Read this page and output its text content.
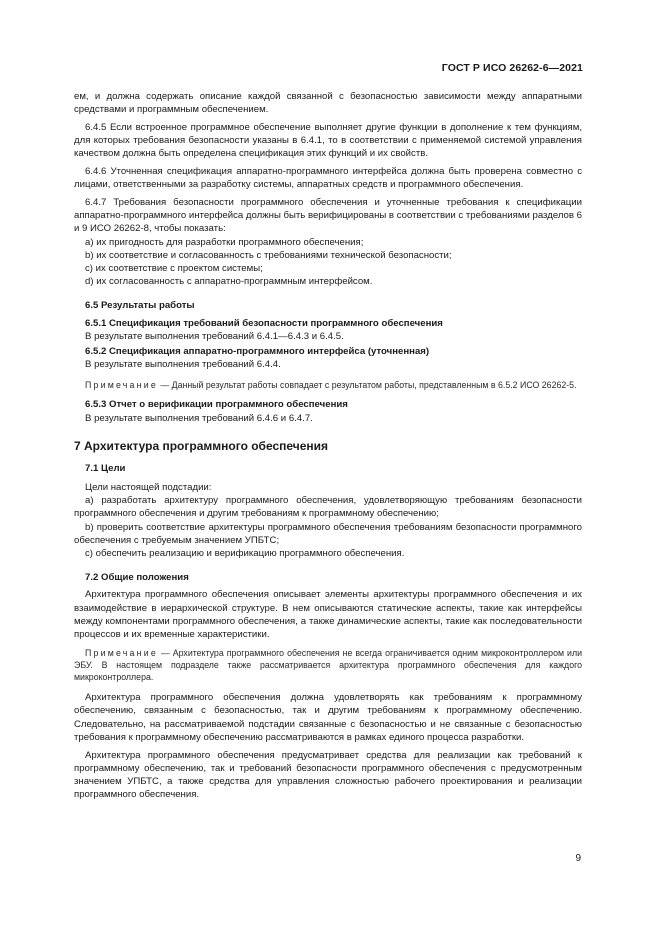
ГОСТ Р ИСО 26262-6—2021

ем, и должна содержать описание каждой связанной с безопасностью зависимости между аппаратными средствами и программным обеспечением.

6.4.5 Если встроенное программное обеспечение выполняет другие функции в дополнение к тем функциям, для которых требования безопасности указаны в 6.4.1, то в соответствии с применяемой системой управления качеством должна быть определена спецификация этих функций и их свойств.

6.4.6 Уточненная спецификация аппаратно-программного интерфейса должна быть проверена совместно с лицами, ответственными за разработку системы, аппаратных средств и программного обеспечения.

6.4.7 Требования безопасности программного обеспечения и уточненные требования к спецификации аппаратно-программного интерфейса должны быть верифицированы в соответствии с требованиями разделов 6 и 9 ИСО 26262-8, чтобы показать:

a) их пригодность для разработки программного обеспечения;

b) их соответствие и согласованность с требованиями технической безопасности;

c) их соответствие с проектом системы;

d) их согласованность с аппаратно-программным интерфейсом.

6.5 Результаты работы

6.5.1 Спецификация требований безопасности программного обеспечения

В результате выполнения требований 6.4.1—6.4.3 и 6.4.5.

6.5.2 Спецификация аппаратно-программного интерфейса (уточненная)

В результате выполнения требований 6.4.4.

Примечание — Данный результат работы совпадает с результатом работы, представленным в 6.5.2 ИСО 26262-5.

6.5.3 Отчет о верификации программного обеспечения

В результате выполнения требований 6.4.6 и 6.4.7.

7 Архитектура программного обеспечения

7.1 Цели

Цели настоящей подстадии:

a) разработать архитектуру программного обеспечения, удовлетворяющую требованиям безопасности программного обеспечения и другим требованиям к программному обеспечению;

b) проверить соответствие архитектуры программного обеспечения требованиям безопасности программного обеспечения с требуемым значением УПБТС;

c) обеспечить реализацию и верификацию программного обеспечения.

7.2 Общие положения

Архитектура программного обеспечения описывает элементы архитектуры программного обеспечения и их взаимодействие в иерархической структуре. В нем описываются статические аспекты, такие как интерфейсы между компонентами программного обеспечения, а также динамические аспекты, такие как последовательности процессов и их временные характеристики.

Примечание — Архитектура программного обеспечения не всегда ограничивается одним микроконтроллером или ЭБУ. В настоящем подразделе также рассматривается архитектура программного обеспечения для каждого микроконтроллера.

Архитектура программного обеспечения должна удовлетворять как требованиям к программному обеспечению, связанным с безопасностью, так и другим требованиям к программному обеспечению. Следовательно, на рассматриваемой подстадии связанные с безопасностью и не связанные с безопасностью требования к программному обеспечению рассматриваются в рамках единого процесса разработки.

Архитектура программного обеспечения предусматривает средства для реализации как требований к программному обеспечению, так и требований безопасности программного обеспечения с предусмотренным значением УПБТС, а также средства для управления сложностью рабочего проектирования и реализации программного обеспечения.

9
